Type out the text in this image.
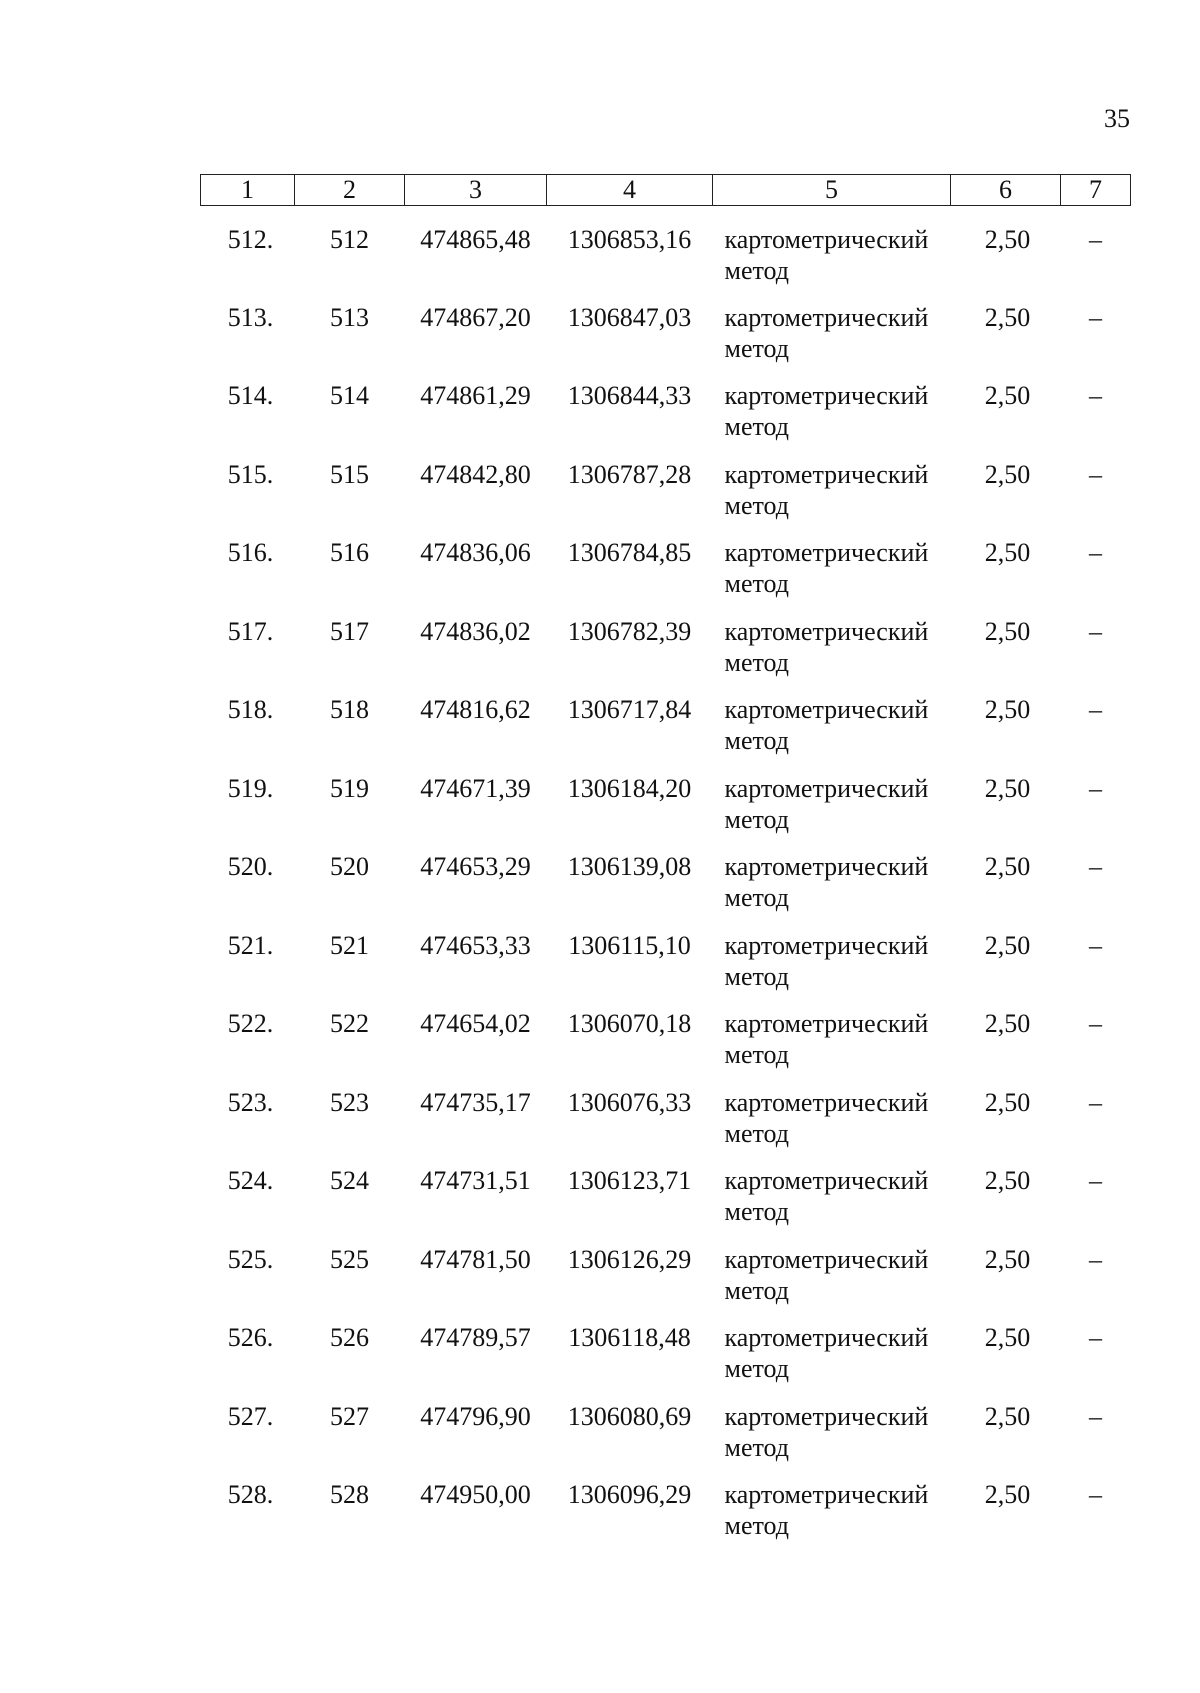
35
1	2	3	4	5	6	7
512.	512	474865,48	1306853,16	картометрический метод	2,50	–
513.	513	474867,20	1306847,03	картометрический метод	2,50	–
514.	514	474861,29	1306844,33	картометрический метод	2,50	–
515.	515	474842,80	1306787,28	картометрический метод	2,50	–
516.	516	474836,06	1306784,85	картометрический метод	2,50	–
517.	517	474836,02	1306782,39	картометрический метод	2,50	–
518.	518	474816,62	1306717,84	картометрический метод	2,50	–
519.	519	474671,39	1306184,20	картометрический метод	2,50	–
520.	520	474653,29	1306139,08	картометрический метод	2,50	–
521.	521	474653,33	1306115,10	картометрический метод	2,50	–
522.	522	474654,02	1306070,18	картометрический метод	2,50	–
523.	523	474735,17	1306076,33	картометрический метод	2,50	–
524.	524	474731,51	1306123,71	картометрический метод	2,50	–
525.	525	474781,50	1306126,29	картометрический метод	2,50	–
526.	526	474789,57	1306118,48	картометрический метод	2,50	–
527.	527	474796,90	1306080,69	картометрический метод	2,50	–
528.	528	474950,00	1306096,29	картометрический метод	2,50	–
